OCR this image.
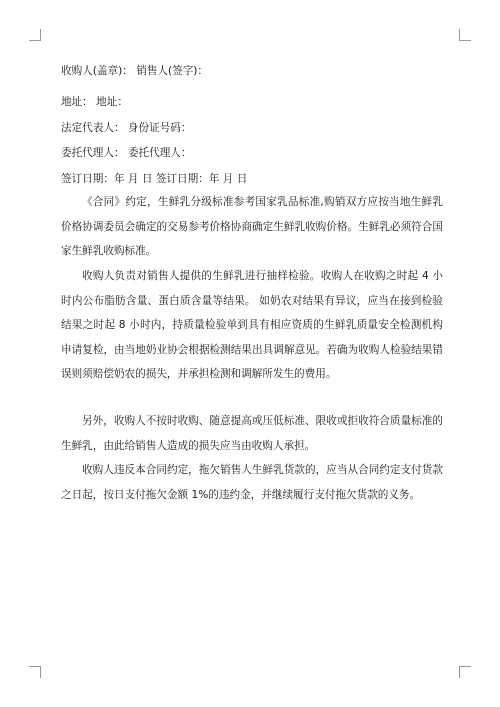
收购人(盖章)： 销售人(签字)：
地址： 地址：
法定代表人： 身份证号码：
委托代理人： 委托代理人：
签订日期：年 月 日 签订日期：年 月 日
《合同》约定，生鲜乳分级标准参考国家乳品标准,购销双方应按当地生鲜乳价格协调委员会确定的交易参考价格协商确定生鲜乳收购价格。生鲜乳必须符合国家生鲜乳收购标准。
收购人负责对销售人提供的生鲜乳进行抽样检验。收购人在收购之时起 4 小时内公布脂肪含量、蛋白质含量等结果。 如奶农对结果有异议，应当在接到检验结果之时起 8 小时内，持质量检验单到具有相应资质的生鲜乳质量安全检测机构申请复检，由当地奶业协会根据检测结果出具调解意见。若确为收购人检验结果错误则须赔偿奶农的损失，并承担检测和调解所发生的费用。
另外，收购人不按时收购、随意提高或压低标准、限收或拒收符合质量标准的生鲜乳，由此给销售人造成的损失应当由收购人承担。
收购人违反本合同约定，拖欠销售人生鲜乳货款的，应当从合同约定支付货款之日起，按日支付拖欠金额 1%的违约金，并继续履行支付拖欠货款的义务。
